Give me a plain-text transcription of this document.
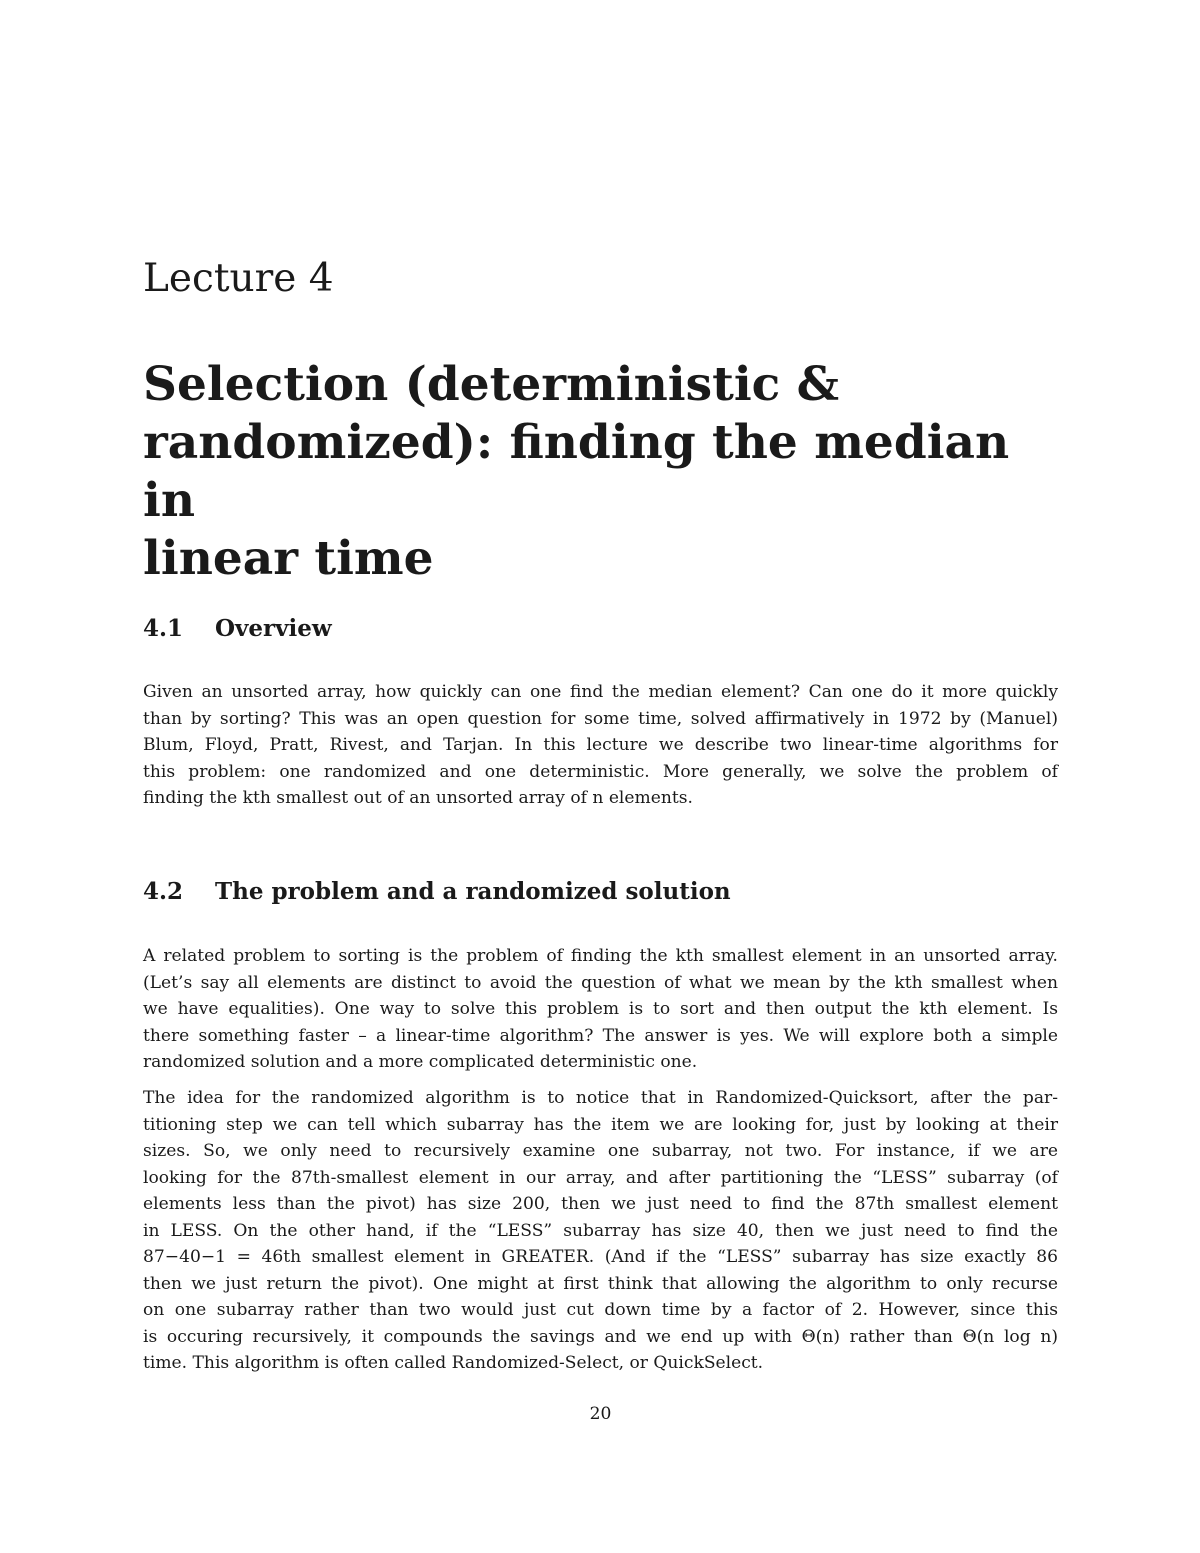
Lecture 4
Selection (deterministic &
randomized): finding the median in
linear time
4.1 Overview
Given an unsorted array, how quickly can one find the median element? Can one do it more quickly
than by sorting? This was an open question for some time, solved affirmatively in 1972 by (Manuel)
Blum, Floyd, Pratt, Rivest, and Tarjan. In this lecture we describe two linear-time algorithms for
this problem: one randomized and one deterministic. More generally, we solve the problem of
finding the kth smallest out of an unsorted array of n elements.
4.2 The problem and a randomized solution
A related problem to sorting is the problem of finding the kth smallest element in an unsorted array.
(Let’s say all elements are distinct to avoid the question of what we mean by the kth smallest when
we have equalities). One way to solve this problem is to sort and then output the kth element. Is
there something faster – a linear-time algorithm? The answer is yes. We will explore both a simple
randomized solution and a more complicated deterministic one.
The idea for the randomized algorithm is to notice that in Randomized-Quicksort, after the par-
titioning step we can tell which subarray has the item we are looking for, just by looking at their
sizes. So, we only need to recursively examine one subarray, not two. For instance, if we are
looking for the 87th-smallest element in our array, and after partitioning the “LESS” subarray (of
elements less than the pivot) has size 200, then we just need to find the 87th smallest element
in LESS. On the other hand, if the “LESS” subarray has size 40, then we just need to find the
87−40−1 = 46th smallest element in GREATER. (And if the “LESS” subarray has size exactly 86
then we just return the pivot). One might at first think that allowing the algorithm to only recurse
on one subarray rather than two would just cut down time by a factor of 2. However, since this
is occuring recursively, it compounds the savings and we end up with Θ(n) rather than Θ(n log n)
time. This algorithm is often called Randomized-Select, or QuickSelect.
20
